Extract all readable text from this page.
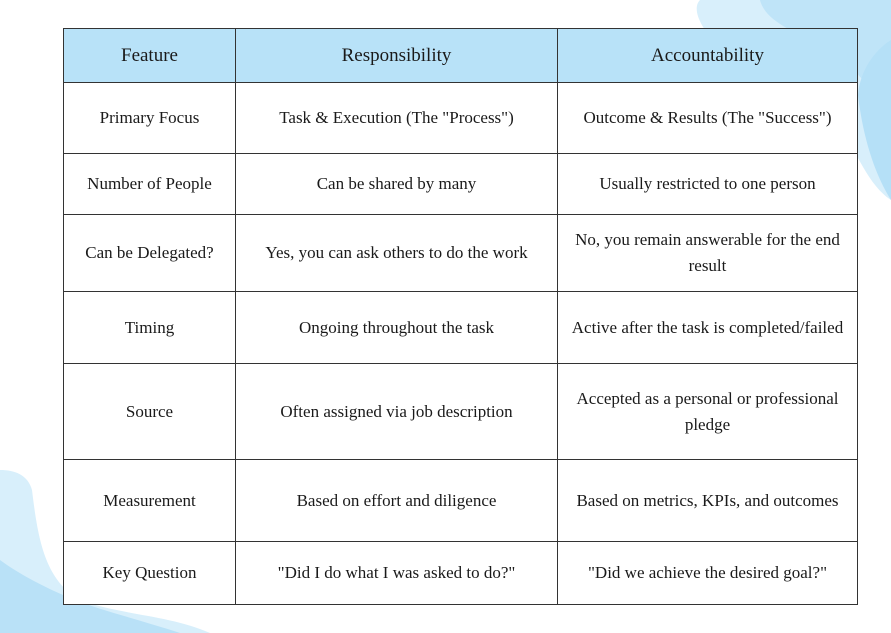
Feature	Responsibility	Accountability
Primary Focus	Task & Execution (The "Process")	Outcome & Results (The "Success")
Number of People	Can be shared by many	Usually restricted to one person
Can be Delegated?	Yes, you can ask others to do the work	No, you remain answerable for the end result
Timing	Ongoing throughout the task	Active after the task is completed/failed
Source	Often assigned via job description	Accepted as a personal or professional pledge
Measurement	Based on effort and diligence	Based on metrics, KPIs, and outcomes
Key Question	"Did I do what I was asked to do?"	"Did we achieve the desired goal?"
